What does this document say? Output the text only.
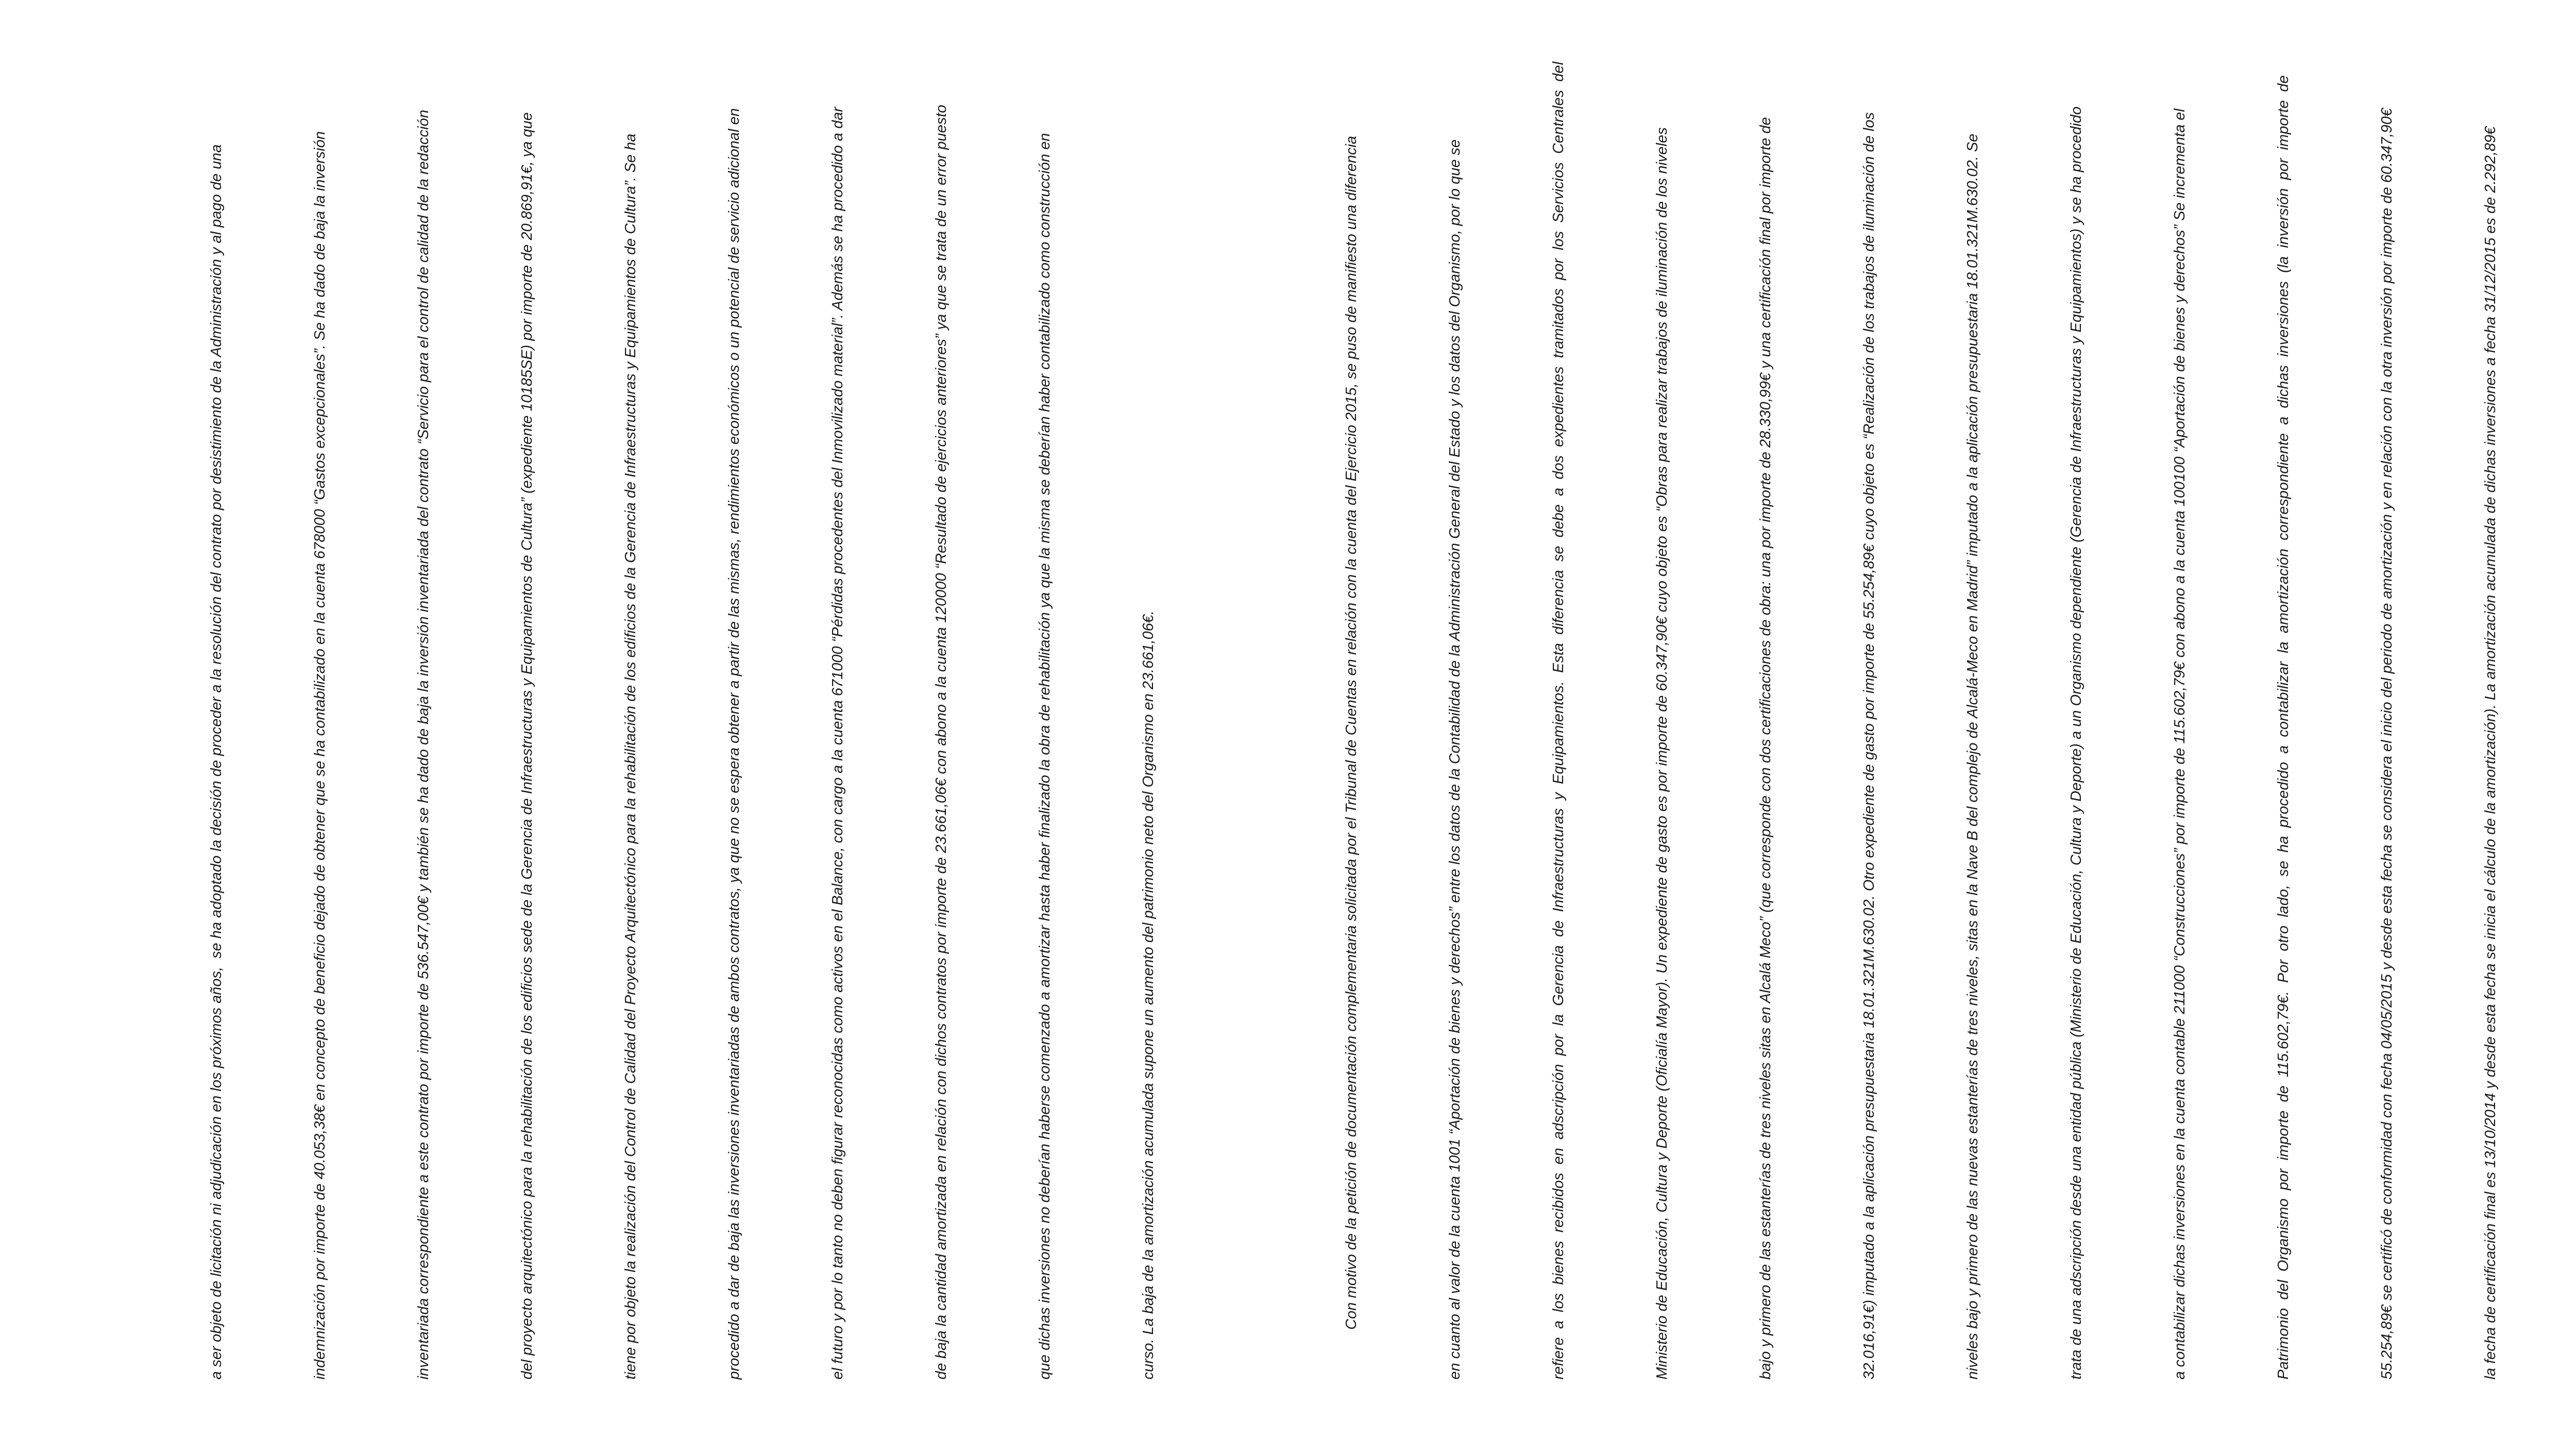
a ser objeto de licitación ni adjudicación en los próximos años,  se ha adoptado la decisión de proceder a la resolución del contrato por desistimiento de la Administración y al pago de una

	indemnización por importe de 40.053,38€ en concepto de beneficio dejado de obtener que se ha contabilizado en la cuenta 678000 “Gastos excepcionales”. Se ha dado de baja la inversión

	inventariada correspondiente a este contrato por importe de 536.547,00€ y también se ha dado de baja la inversión inventariada del contrato “Servicio para el control de calidad de la redacción

	del proyecto arquitectónico para la rehabilitación de los edificios sede de la Gerencia de Infraestructuras y Equipamientos de Cultura” (expediente 10185SE) por importe de 20.869,91€, ya que

	tiene por objeto la realización del Control de Calidad del Proyecto Arquitectónico para la rehabilitación de los edificios de la Gerencia de Infraestructuras y Equipamientos de Cultura”. Se ha

	procedido a dar de baja las inversiones inventariadas de ambos contratos, ya que no se espera obtener a partir de las mismas, rendimientos económicos o un potencial de servicio adicional en

	el futuro y por lo tanto no deben figurar reconocidas como activos en el Balance, con cargo a la cuenta 671000 “Pérdidas procedentes del Inmovilizado material”. Además se ha procedido a dar

	de baja la cantidad amortizada en relación con dichos contratos por importe de 23.661,06€ con abono a la cuenta 120000 “Resultado de ejercicios anteriores” ya que se trata de un error puesto

	que dichas inversiones no deberían haberse comenzado a amortizar hasta haber finalizado la obra de rehabilitación ya que la misma se deberían haber contabilizado como construcción en

	curso. La baja de la amortización acumulada supone un aumento del patrimonio neto del Organismo en 23.661,06€.

	Con motivo de la petición de documentación complementaria solicitada por el Tribunal de Cuentas en relación con la cuenta del Ejercicio 2015, se puso de manifiesto una diferencia

	en cuanto al valor de la cuenta 1001 “Aportación de bienes y derechos” entre los datos de la Contabilidad de la Administración General del Estado y los datos del Organismo, por lo que se

	refiere  a  los  bienes  recibidos  en  adscripción  por  la  Gerencia  de  Infraestructuras  y  Equipamientos.  Esta  diferencia  se  debe  a  dos  expedientes  tramitados  por  los  Servicios  Centrales  del

	Ministerio de Educación, Cultura y Deporte (Oficialía Mayor). Un expediente de gasto es por importe de 60.347,90€ cuyo objeto es “Obras para realizar trabajos de iluminación de los niveles

	bajo y primero de las estanterías de tres niveles sitas en Alcalá Meco” (que corresponde con dos certificaciones de obra: una por importe de 28.330,99€ y una certificación final por importe de

	32.016,91€) imputado a la aplicación presupuestaria 18.01.321M.630.02. Otro expediente de gasto por importe de 55.254,89€ cuyo objeto es “Realización de los trabajos de iluminación de los

	niveles bajo y primero de las nuevas estanterías de tres niveles, sitas en la Nave B del complejo de Alcalá-Meco en Madrid” imputado a la aplicación presupuestaria 18.01.321M.630.02. Se

	trata de una adscripción desde una entidad pública (Ministerio de Educación, Cultura y Deporte) a un Organismo dependiente (Gerencia de Infraestructuras y Equipamientos) y se ha procedido

	a contabilizar dichas inversiones en la cuenta contable 211000 “Construcciones” por importe de 115.602,79€ con abono a la cuenta 100100 “Aportación de bienes y derechos” Se incrementa el

	Patrimonio  del  Organismo  por  importe  de  115.602,79€.  Por  otro  lado,  se  ha  procedido  a  contabilizar  la  amortización  correspondiente  a  dichas  inversiones  (la  inversión  por  importe  de

	55.254,89€ se certificó de conformidad con fecha 04/05/2015 y desde esta fecha se considera el inicio del periodo de amortización y en relación con la otra inversión por importe de 60.347,90€

	la fecha de certificación final es 13/10/2014 y desde esta fecha se inicia el cálculo de la amortización). La amortización acumulada de dichas inversiones a fecha 31/12/2015 es de 2.292,89€
